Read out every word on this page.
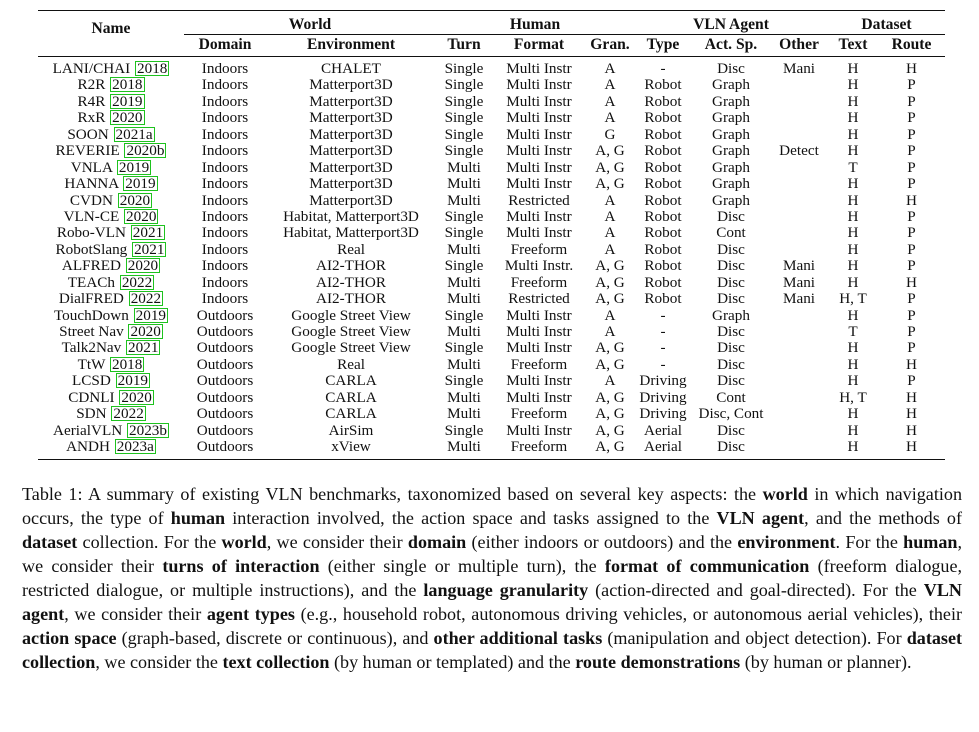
Name	World		Human			VLN Agent			Dataset	
	Domain	Environment	Turn	Format	Gran.	Type	Act. Sp.	Other	Text	Route
LANI/CHAI 2018	Indoors	CHALET	Single	Multi Instr	A	-	Disc	Mani	H	H
R2R 2018	Indoors	Matterport3D	Single	Multi Instr	A	Robot	Graph		H	P
R4R 2019	Indoors	Matterport3D	Single	Multi Instr	A	Robot	Graph		H	P
RxR 2020	Indoors	Matterport3D	Single	Multi Instr	A	Robot	Graph		H	P
SOON 2021a	Indoors	Matterport3D	Single	Multi Instr	G	Robot	Graph		H	P
REVERIE 2020b	Indoors	Matterport3D	Single	Multi Instr	A, G	Robot	Graph	Detect	H	P
VNLA 2019	Indoors	Matterport3D	Multi	Multi Instr	A, G	Robot	Graph		T	P
HANNA 2019	Indoors	Matterport3D	Multi	Multi Instr	A, G	Robot	Graph		H	P
CVDN 2020	Indoors	Matterport3D	Multi	Restricted	A	Robot	Graph		H	H
VLN-CE 2020	Indoors	Habitat, Matterport3D	Single	Multi Instr	A	Robot	Disc		H	P
Robo-VLN 2021	Indoors	Habitat, Matterport3D	Single	Multi Instr	A	Robot	Cont		H	P
RobotSlang 2021	Indoors	Real	Multi	Freeform	A	Robot	Disc		H	P
ALFRED 2020	Indoors	AI2-THOR	Single	Multi Instr.	A, G	Robot	Disc	Mani	H	P
TEACh 2022	Indoors	AI2-THOR	Multi	Freeform	A, G	Robot	Disc	Mani	H	H
DialFRED 2022	Indoors	AI2-THOR	Multi	Restricted	A, G	Robot	Disc	Mani	H, T	P
TouchDown 2019	Outdoors	Google Street View	Single	Multi Instr	A	-	Graph		H	P
Street Nav 2020	Outdoors	Google Street View	Multi	Multi Instr	A	-	Disc		T	P
Talk2Nav 2021	Outdoors	Google Street View	Single	Multi Instr	A, G	-	Disc		H	P
TtW 2018	Outdoors	Real	Multi	Freeform	A, G	-	Disc		H	H
LCSD 2019	Outdoors	CARLA	Single	Multi Instr	A	Driving	Disc		H	P
CDNLI 2020	Outdoors	CARLA	Multi	Multi Instr	A, G	Driving	Cont		H, T	H
SDN 2022	Outdoors	CARLA	Multi	Freeform	A, G	Driving	Disc, Cont		H	H
AerialVLN 2023b	Outdoors	AirSim	Single	Multi Instr	A, G	Aerial	Disc		H	H
ANDH 2023a	Outdoors	xView	Multi	Freeform	A, G	Aerial	Disc		H	H
Table 1: A summary of existing VLN benchmarks, taxonomized based on several key aspects: the world in which navigation occurs, the type of human interaction involved, the action space and tasks assigned to the VLN agent, and the methods of dataset collection. For the world, we consider their domain (either indoors or outdoors) and the environment. For the human, we consider their turns of interaction (either single or multiple turn), the format of communication (freeform dialogue, restricted dialogue, or multiple instructions), and the language granularity (action-directed and goal-directed). For the VLN agent, we consider their agent types (e.g., household robot, autonomous driving vehicles, or autonomous aerial vehicles), their action space (graph-based, discrete or continuous), and other additional tasks (manipulation and object detection). For dataset collection, we consider the text collection (by human or templated) and the route demonstrations (by human or planner).
